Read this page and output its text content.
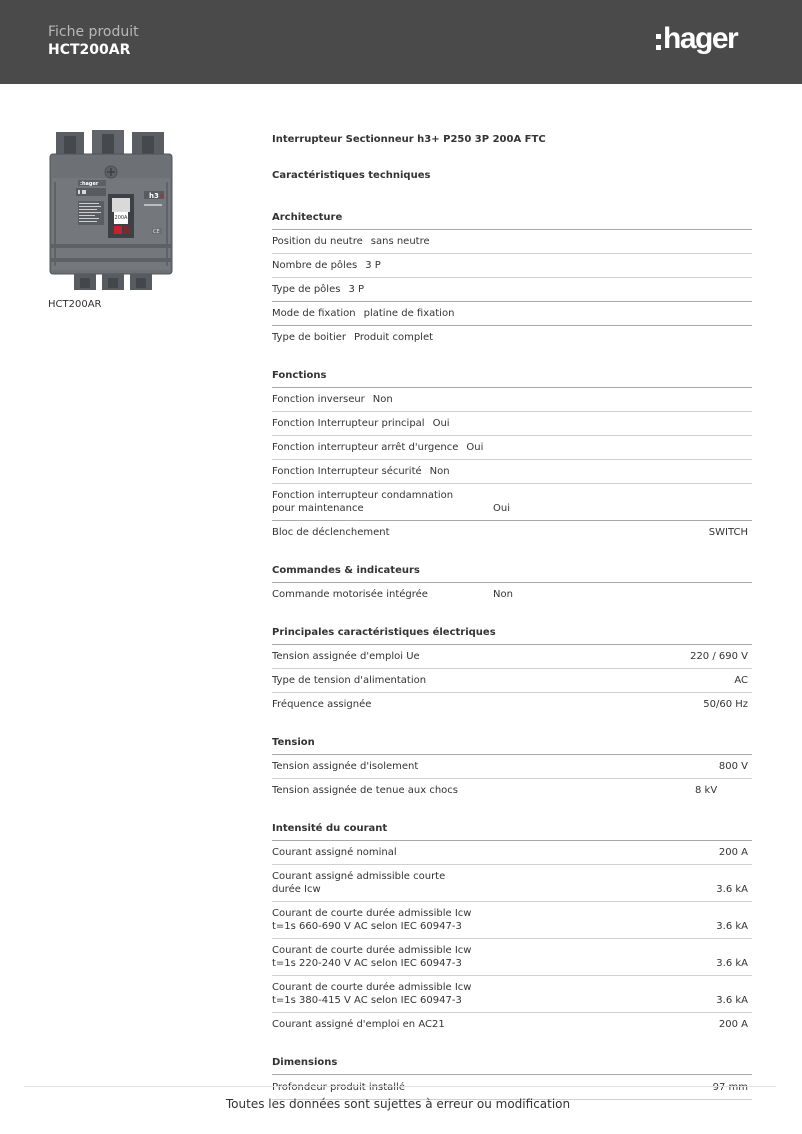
Fiche produit
HCT200AR	hager
200A
h3 +
CE
:hager
HCT200AR
Interrupteur Sectionneur h3+ P250 3P 200A FTC
Caractéristiques techniques
Architecture
Position du neutre sans neutre
Nombre de pôles 3 P
Type de pôles 3 P
Mode de fixation platine de fixation
Type de boitier Produit complet
Fonctions
Fonction inverseur Non
Fonction Interrupteur principal Oui
Fonction interrupteur arrêt d'urgence Oui
Fonction Interrupteur sécurité Non
Fonction interrupteur condamnation pour maintenance	Oui
Bloc de déclenchement	SWITCH
Commandes & indicateurs
Commande motorisée intégrée	Non
Principales caractéristiques électriques
Tension assignée d'emploi Ue	220 / 690 V
Type de tension d'alimentation	AC
Fréquence assignée	50/60 Hz
Tension
Tension assignée d'isolement	800 V
Tension assignée de tenue aux chocs	8 kV
Intensité du courant
Courant assigné nominal	200 A
Courant assigné admissible courte durée Icw	3.6 kA
Courant de courte durée admissible Icw t=1s 660-690 V AC selon IEC 60947-3	3.6 kA
Courant de courte durée admissible Icw t=1s 220-240 V AC selon IEC 60947-3	3.6 kA
Courant de courte durée admissible Icw t=1s 380-415 V AC selon IEC 60947-3	3.6 kA
Courant assigné d'emploi en AC21	200 A
Dimensions
Profondeur produit installé	97 mm
Toutes les données sont sujettes à erreur ou modification
